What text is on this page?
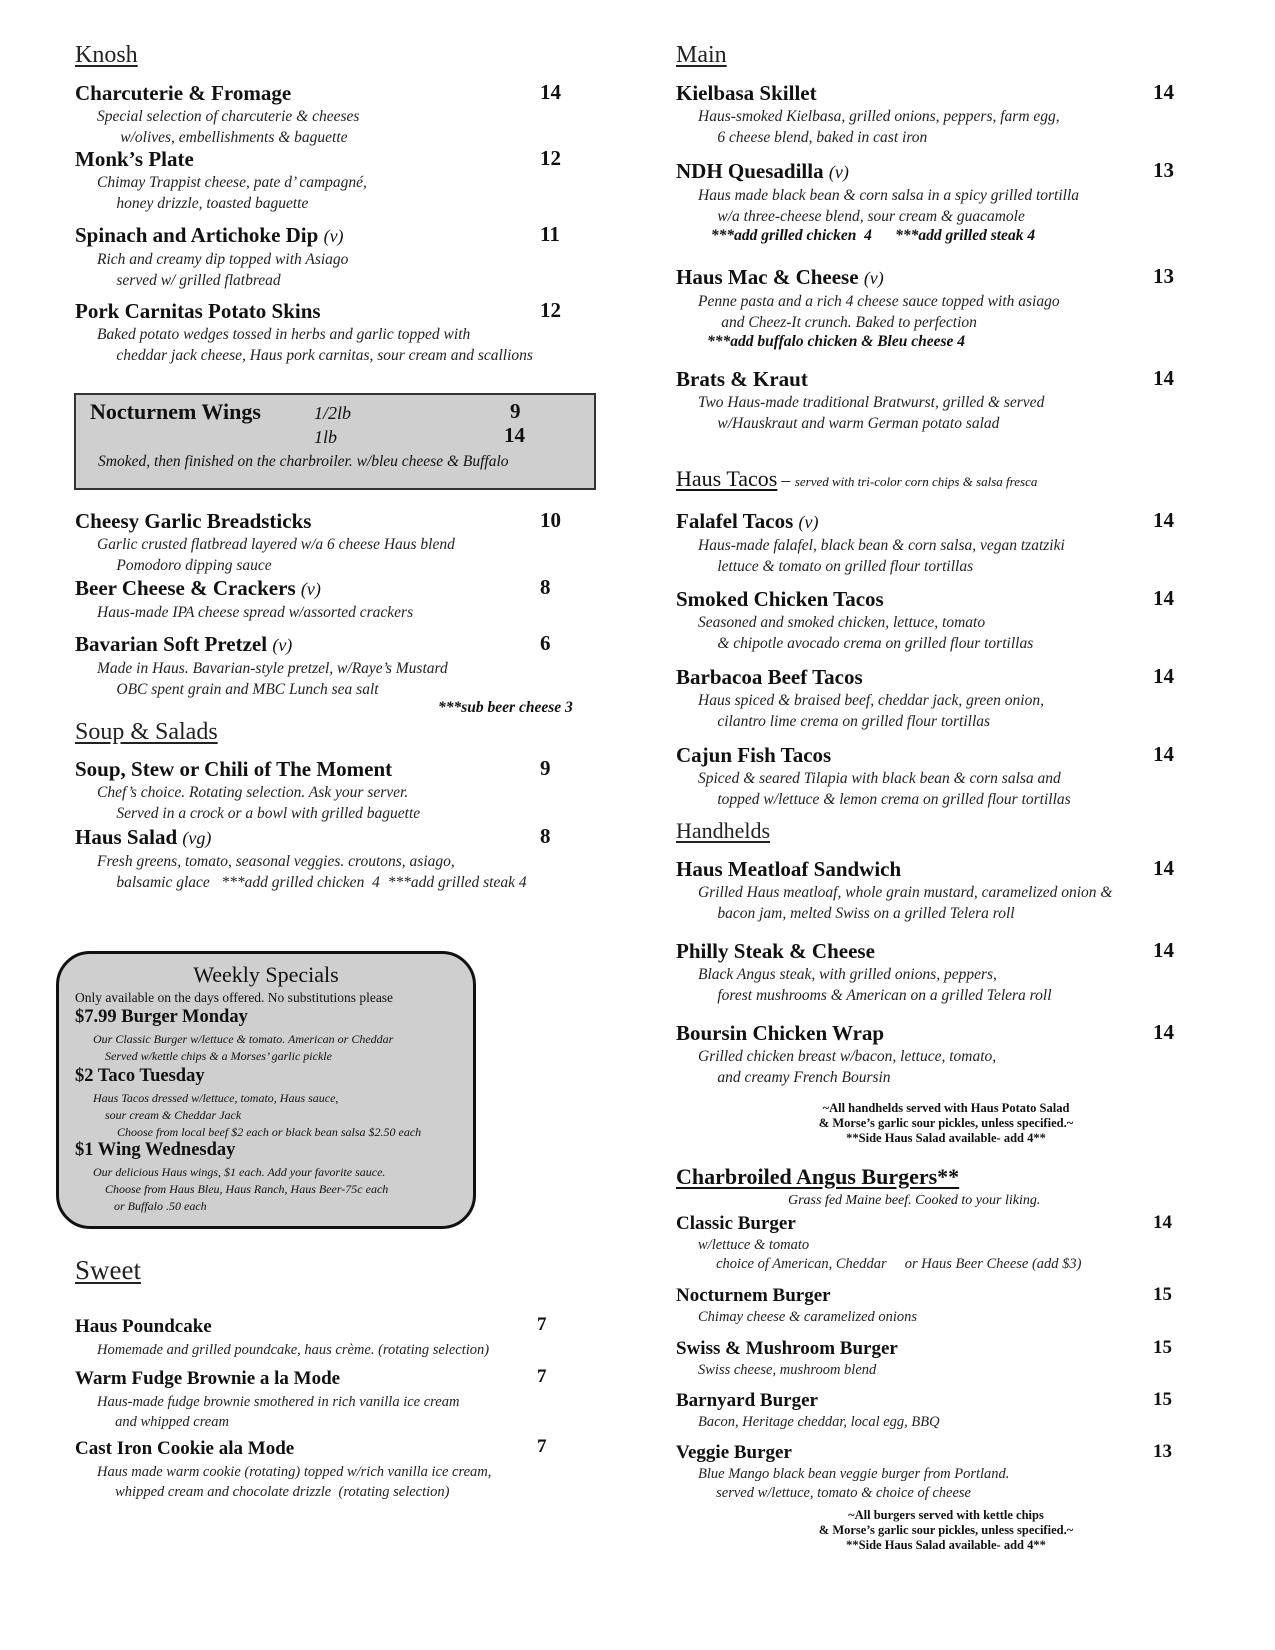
Knosh
Charcuterie & Fromage	14
Special selection of charcuterie & cheeses
w/olives, embellishments & baguette
Monk’s Plate	12
Chimay Trappist cheese, pate d’ campagné,
honey drizzle, toasted baguette
Spinach and Artichoke Dip (v)	11
Rich and creamy dip topped with Asiago
served w/ grilled flatbread
Pork Carnitas Potato Skins	12
Baked potato wedges tossed in herbs and garlic topped with
cheddar jack cheese, Haus pork carnitas, sour cream and scallions
Cheesy Garlic Breadsticks	10
Garlic crusted flatbread layered w/a 6 cheese Haus blend
Pomodoro dipping sauce
Beer Cheese & Crackers (v)	8
Haus-made IPA cheese spread w/assorted crackers
Bavarian Soft Pretzel (v)	6
Made in Haus. Bavarian-style pretzel, w/Raye’s Mustard
OBC spent grain and MBC Lunch sea salt
***sub beer cheese 3
Soup & Salads
Soup, Stew or Chili of The Moment	9
Chef’s choice. Rotating selection. Ask your server.
Served in a crock or a bowl with grilled baguette
Haus Salad (vg)	8
Fresh greens, tomato, seasonal veggies. croutons, asiago,
balsamic glace   ***add grilled chicken  4  ***add grilled steak 4
Sweet
Haus Poundcake	7
Homemade and grilled poundcake, haus crème. (rotating selection)
Warm Fudge Brownie a la Mode	7
Haus-made fudge brownie smothered in rich vanilla ice cream
and whipped cream
Cast Iron Cookie ala Mode	7
Haus made warm cookie (rotating) topped w/rich vanilla ice cream,
whipped cream and chocolate drizzle  (rotating selection)
Nocturnem Wings	1/2lb	9
1lb	14
Smoked, then finished on the charbroiler. w/bleu cheese & Buffalo
Weekly Specials
Only available on the days offered. No substitutions please
$7.99 Burger Monday
Our Classic Burger w/lettuce & tomato. American or Cheddar
Served w/kettle chips & a Morses’ garlic pickle
$2 Taco Tuesday
Haus Tacos dressed w/lettuce, tomato, Haus sauce,
sour cream & Cheddar Jack
Choose from local beef $2 each or black bean salsa $2.50 each
$1 Wing Wednesday
Our delicious Haus wings, $1 each. Add your favorite sauce.
Choose from Haus Bleu, Haus Ranch, Haus Beer-75c each
or Buffalo .50 each
Main
Kielbasa Skillet	14
Haus-smoked Kielbasa, grilled onions, peppers, farm egg,
6 cheese blend, baked in cast iron
NDH Quesadilla (v)	13
Haus made black bean & corn salsa in a spicy grilled tortilla
w/a three-cheese blend, sour cream & guacamole
***add grilled chicken  4      ***add grilled steak 4
Haus Mac & Cheese (v)	13
Penne pasta and a rich 4 cheese sauce topped with asiago
and Cheez-It crunch. Baked to perfection
***add buffalo chicken & Bleu cheese 4
Brats & Kraut	14
Two Haus-made traditional Bratwurst, grilled & served
w/Hauskraut and warm German potato salad
Haus Tacos – served with tri-color corn chips & salsa fresca
Falafel Tacos (v)	14
Haus-made falafel, black bean & corn salsa, vegan tzatziki
lettuce & tomato on grilled flour tortillas
Smoked Chicken Tacos	14
Seasoned and smoked chicken, lettuce, tomato
& chipotle avocado crema on grilled flour tortillas
Barbacoa Beef Tacos	14
Haus spiced & braised beef, cheddar jack, green onion,
cilantro lime crema on grilled flour tortillas
Cajun Fish Tacos	14
Spiced & seared Tilapia with black bean & corn salsa and
topped w/lettuce & lemon crema on grilled flour tortillas
Handhelds
Haus Meatloaf Sandwich	14
Grilled Haus meatloaf, whole grain mustard, caramelized onion &
bacon jam, melted Swiss on a grilled Telera roll
Philly Steak & Cheese	14
Black Angus steak, with grilled onions, peppers,
forest mushrooms & American on a grilled Telera roll
Boursin Chicken Wrap	14
Grilled chicken breast w/bacon, lettuce, tomato,
and creamy French Boursin
~All handhelds served with Haus Potato Salad
& Morse’s garlic sour pickles, unless specified.~
**Side Haus Salad available- add 4**
Charbroiled Angus Burgers**
Grass fed Maine beef. Cooked to your liking.
Classic Burger	14
w/lettuce & tomato
choice of American, Cheddar     or Haus Beer Cheese (add $3)
Nocturnem Burger	15
Chimay cheese & caramelized onions
Swiss & Mushroom Burger	15
Swiss cheese, mushroom blend
Barnyard Burger	15
Bacon, Heritage cheddar, local egg, BBQ
Veggie Burger	13
Blue Mango black bean veggie burger from Portland.
served w/lettuce, tomato & choice of cheese
~All burgers served with kettle chips
& Morse’s garlic sour pickles, unless specified.~
**Side Haus Salad available- add 4**
